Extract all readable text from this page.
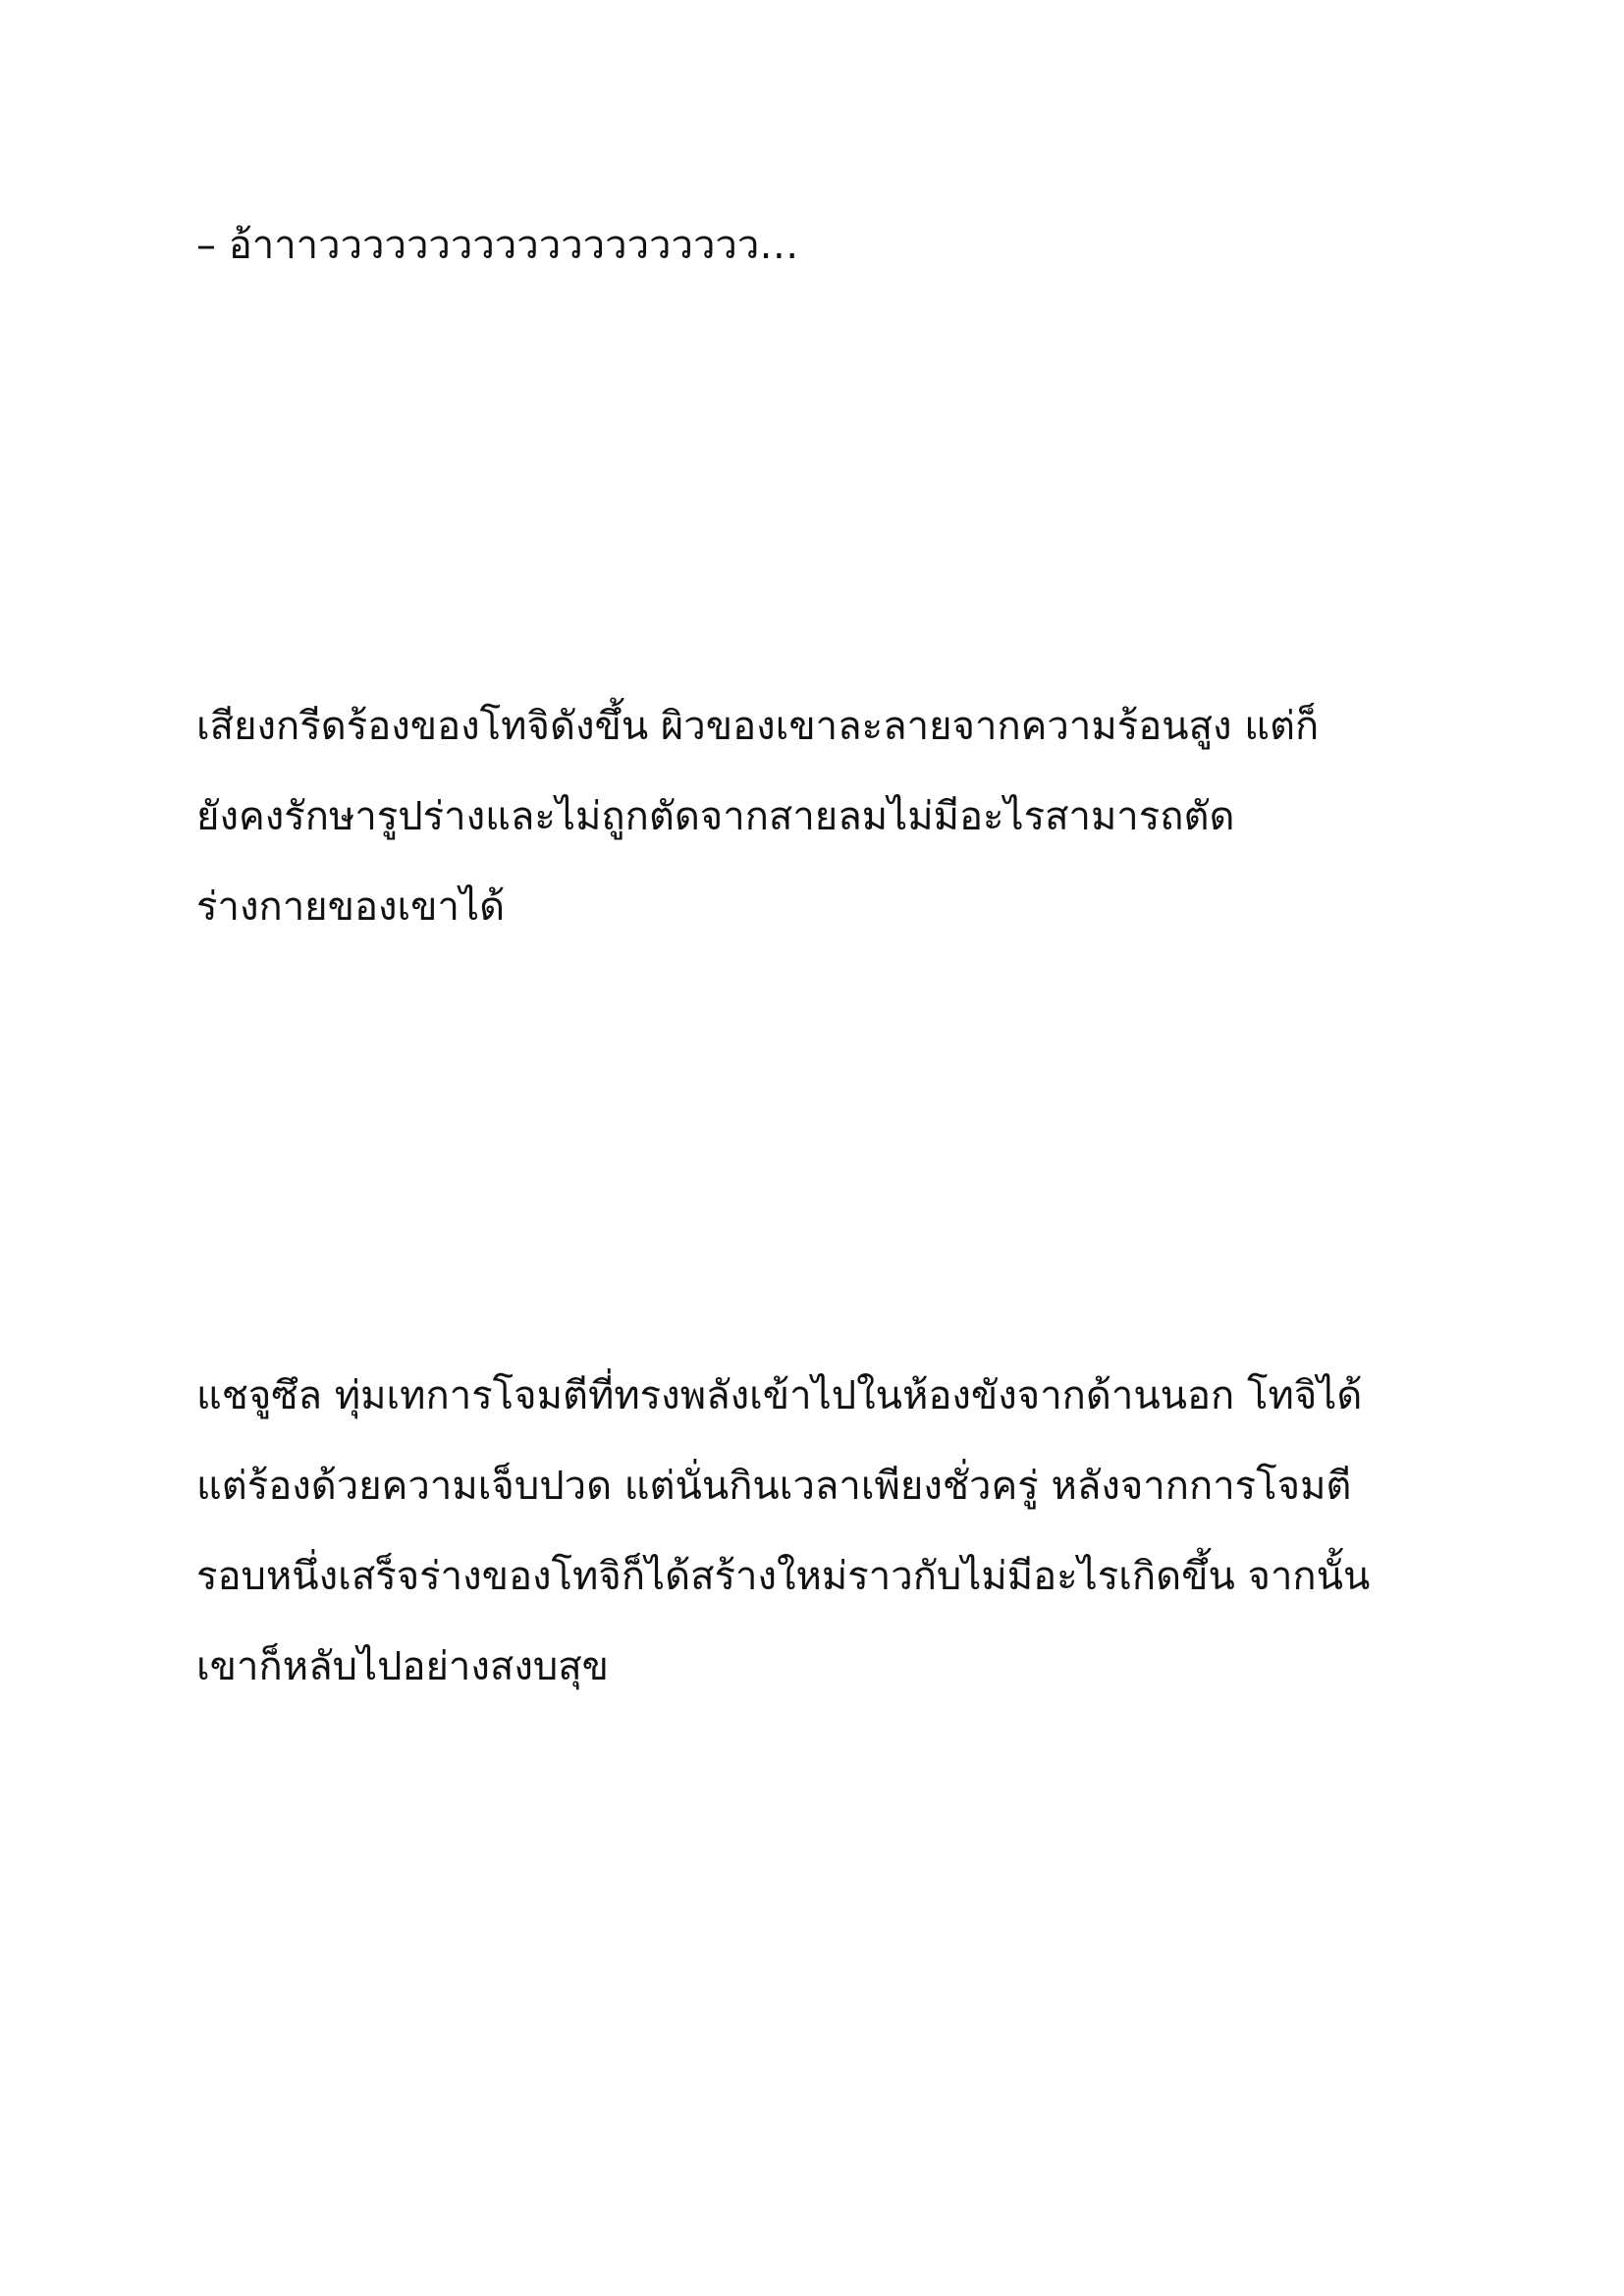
– อ้าาาวววววววววววววววววววว…

เสียงกรีดร้องของโทจิดังขึ้น ผิวของเขาละลายจากความร้อนสูง แต่ก็

ยังคงรักษารูปร่างและไม่ถูกตัดจากสายลมไม่มีอะไรสามารถตัด

ร่างกายของเขาได้

แชจูซึล ทุ่มเทการโจมตีที่ทรงพลังเข้าไปในห้องขังจากด้านนอก โทจิได้

แต่ร้องด้วยความเจ็บปวด แต่นั่นกินเวลาเพียงชั่วครู่ หลังจากการโจมตี

รอบหนึ่งเสร็จร่างของโทจิก็ได้สร้างใหม่ราวกับไม่มีอะไรเกิดขึ้น จากนั้น

เขาก็หลับไปอย่างสงบสุข
